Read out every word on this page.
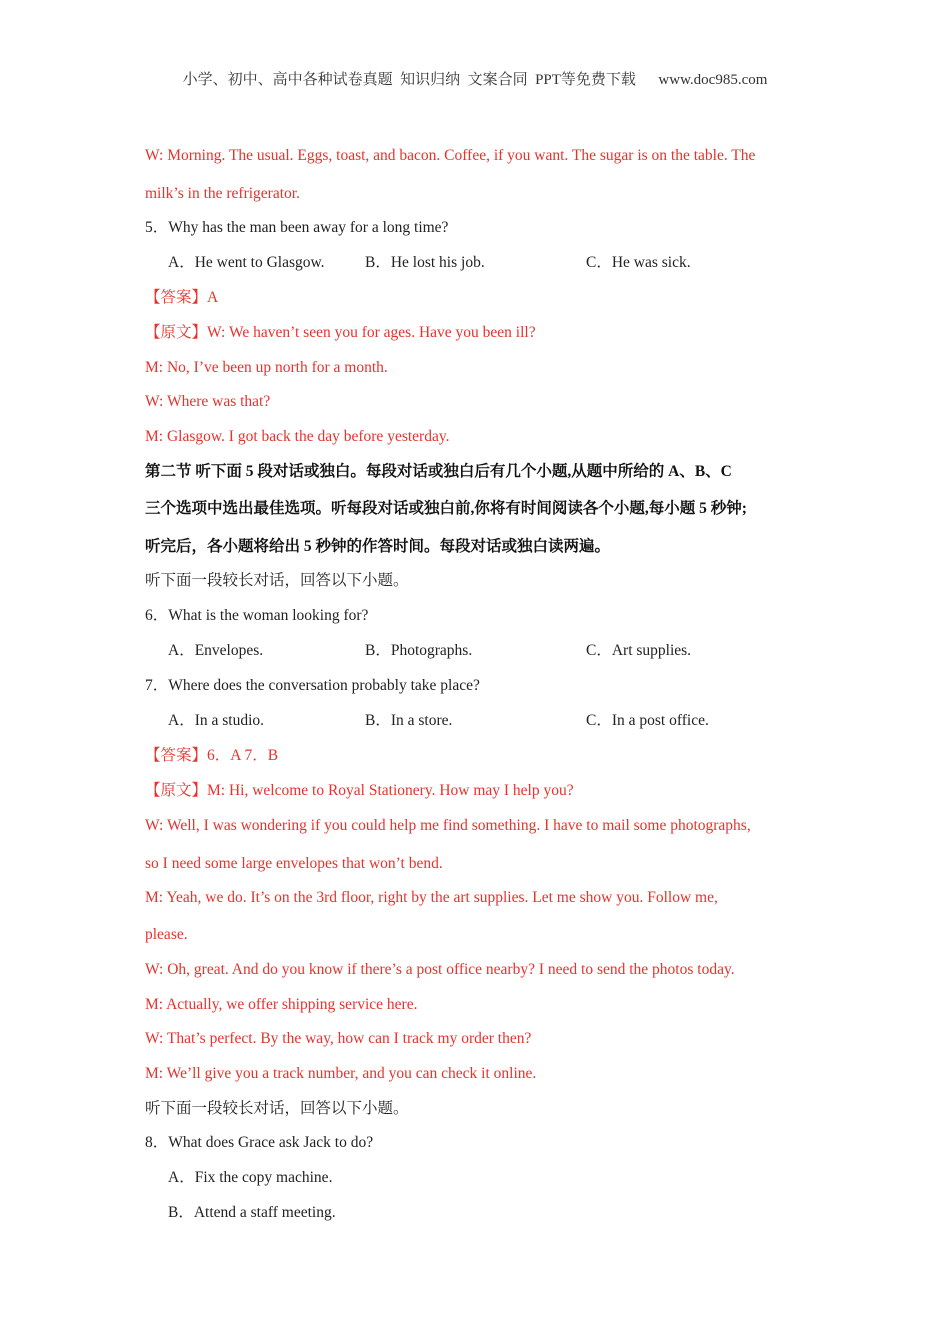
小学、初中、高中各种试卷真题  知识归纳  文案合同  PPT等免费下载      www.doc985.com
W: Morning. The usual. Eggs, toast, and bacon. Coffee, if you want. The sugar is on the table. The
milk’s in the refrigerator.
5．Why has the man been away for a long time?
A．He went to Glasgow.	B．He lost his job.	C．He was sick.
【答案】A
【原文】W: We haven’t seen you for ages. Have you been ill?
M: No, I’ve been up north for a month.
W: Where was that?
M: Glasgow. I got back the day before yesterday.
第二节 听下面 5 段对话或独白。每段对话或独白后有几个小题,从题中所给的 A、B、C
三个选项中选出最佳选项。听每段对话或独白前,你将有时间阅读各个小题,每小题 5 秒钟;
听完后，各小题将给出 5 秒钟的作答时间。每段对话或独白读两遍。
听下面一段较长对话，回答以下小题。
6．What is the woman looking for?
A．Envelopes.	B．Photographs.	C．Art supplies.
7．Where does the conversation probably take place?
A．In a studio.	B．In a store.	C．In a post office.
【答案】6．A 7．B
【原文】M: Hi, welcome to Royal Stationery. How may I help you?
W: Well, I was wondering if you could help me find something. I have to mail some photographs,
so I need some large envelopes that won’t bend.
M: Yeah, we do. It’s on the 3rd floor, right by the art supplies. Let me show you. Follow me,
please.
W: Oh, great. And do you know if there’s a post office nearby? I need to send the photos today.
M: Actually, we offer shipping service here.
W: That’s perfect. By the way, how can I track my order then?
M: We’ll give you a track number, and you can check it online.
听下面一段较长对话，回答以下小题。
8．What does Grace ask Jack to do?
A．Fix the copy machine.
B．Attend a staff meeting.
